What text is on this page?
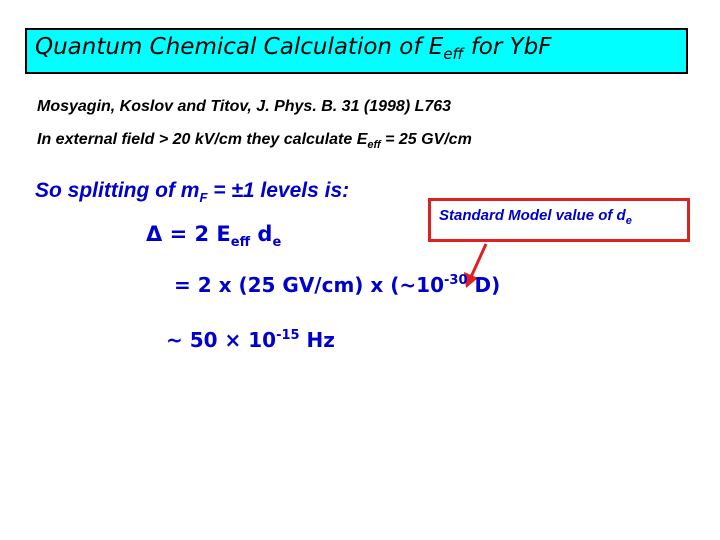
Quantum Chemical Calculation of $E_{eff}$ for YbF
Mosyagin, Koslov and Titov, J. Phys. B. 31 (1998) L763
In external field > 20 kV/cm they calculate $E_{eff} = 25$ GV/cm
So splitting of $m_F = \pm 1$ levels is:
Δ = 2 $E_{eff}$ $d_e$
Standard Model value of $d_e$
= 2 x (25 GV/cm) x ($\sim 10^{-30}$ D)
~ $50 \times 10^{-15}$ Hz
